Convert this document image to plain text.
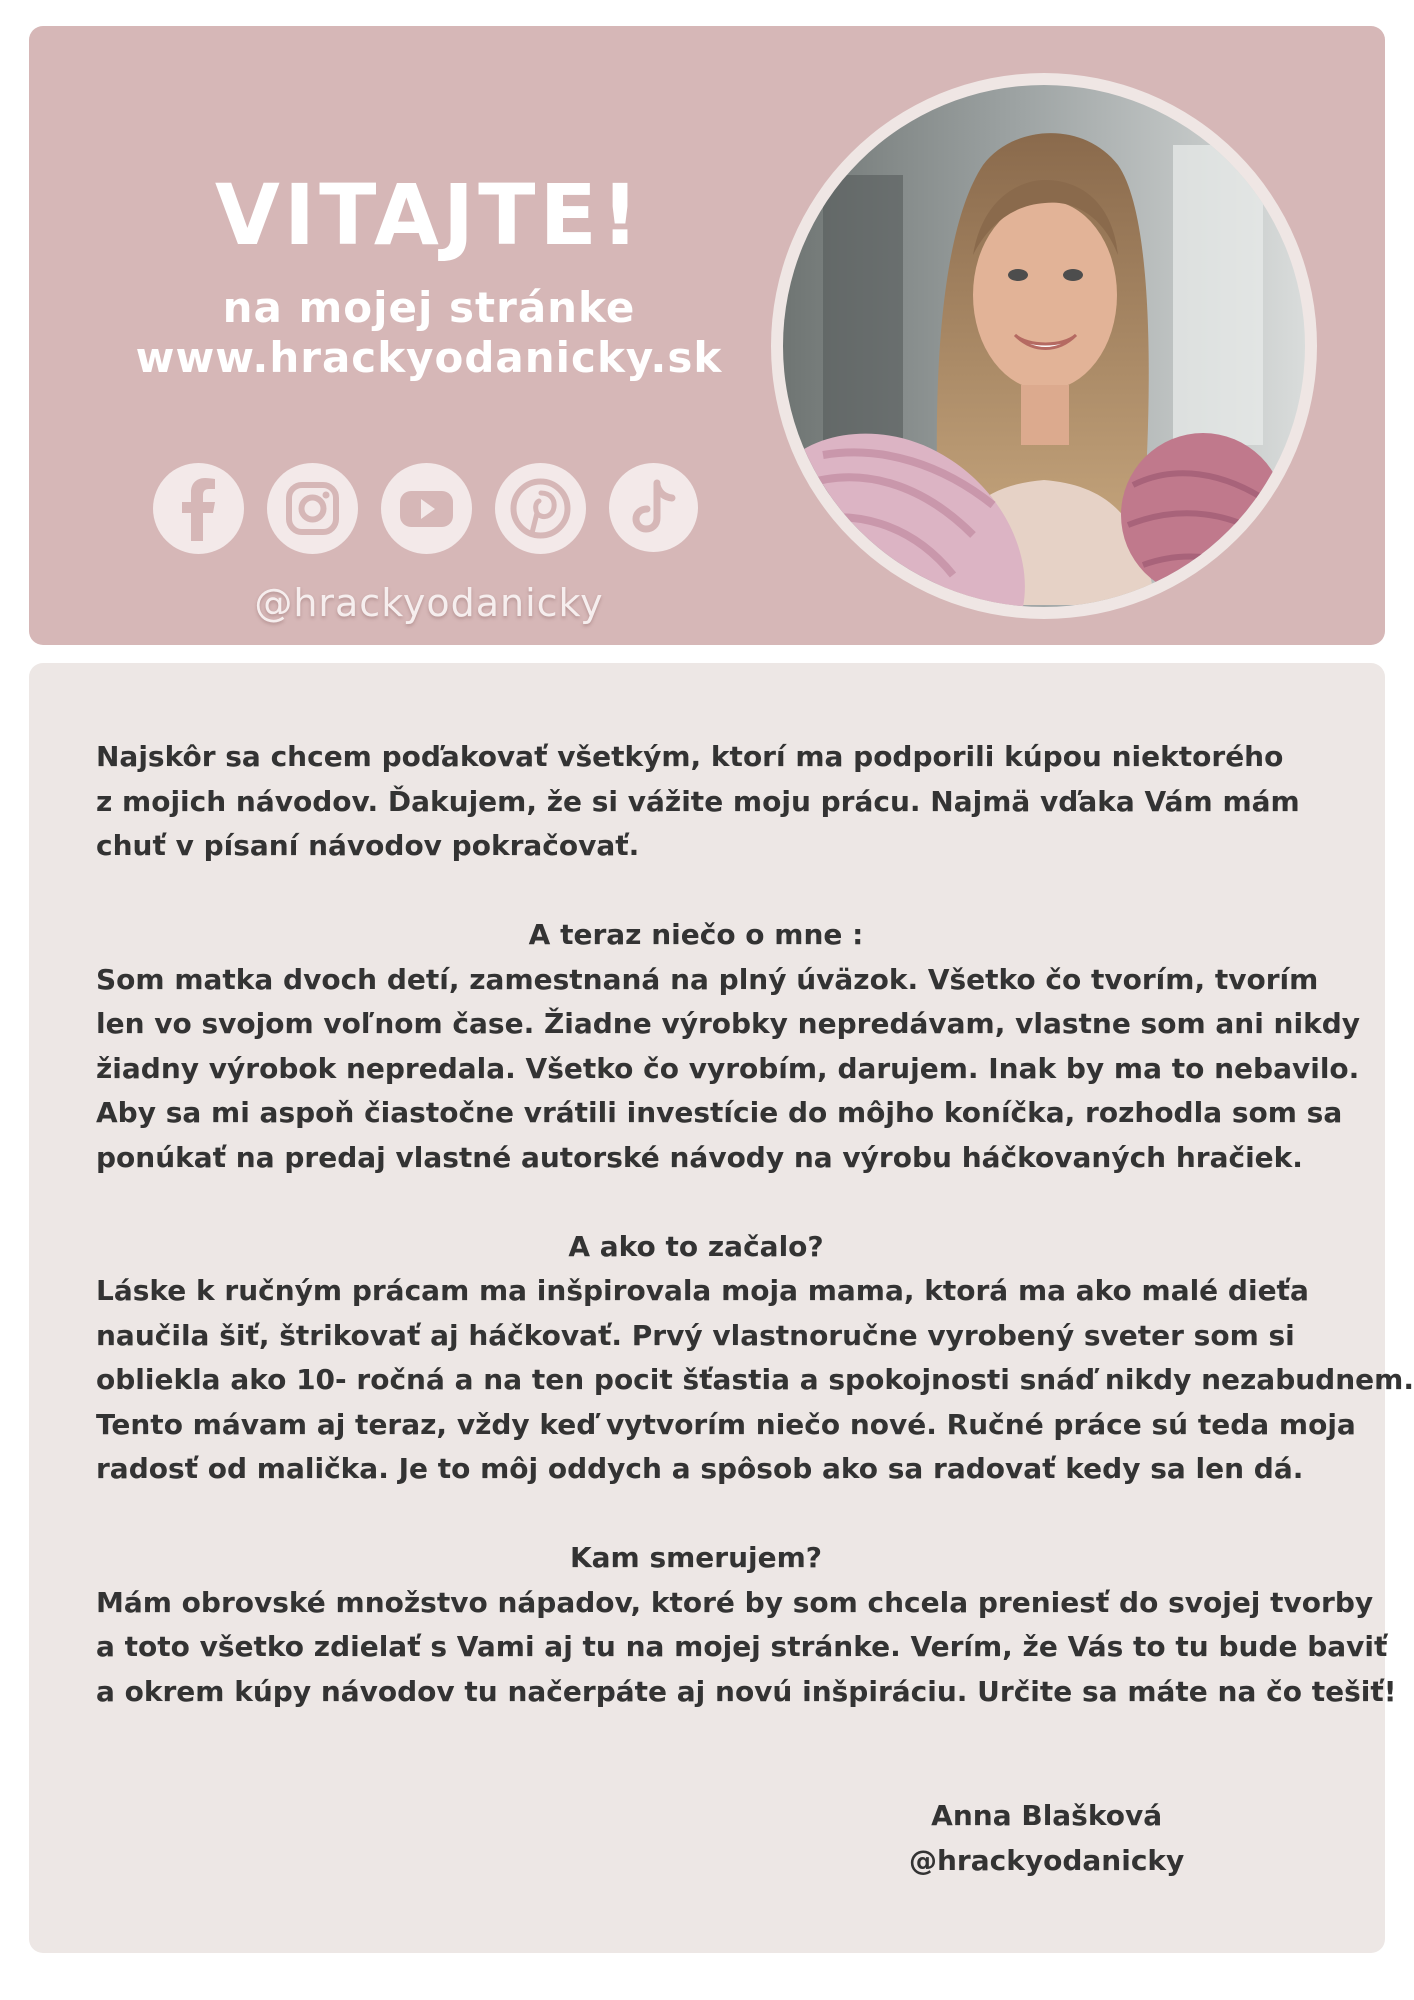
VITAJTE!
na mojej stránke
www.hrackyodanicky.sk
@hrackyodanicky

Najskôr sa chcem poďakovať všetkým, ktorí ma podporili kúpou niektorého

z mojich návodov. Ďakujem, že si vážite moju prácu. Najmä vďaka Vám mám

chuť v písaní návodov pokračovať.

A teraz niečo o mne :

Som matka dvoch detí, zamestnaná na plný úväzok. Všetko čo tvorím, tvorím

len vo svojom voľnom čase. Žiadne výrobky nepredávam, vlastne som ani nikdy

žiadny výrobok nepredala. Všetko čo vyrobím, darujem. Inak by ma to nebavilo.

Aby sa mi aspoň čiastočne vrátili investície do môjho koníčka, rozhodla som sa

ponúkať na predaj vlastné autorské návody na výrobu háčkovaných hračiek.

A ako to začalo?

Láske k ručným prácam ma inšpirovala moja mama, ktorá ma ako malé dieťa

naučila šiť, štrikovať aj háčkovať. Prvý vlastnoručne vyrobený sveter som si

obliekla ako 10- ročná a na ten pocit šťastia a spokojnosti snáď nikdy nezabudnem.

Tento mávam aj teraz, vždy keď vytvorím niečo nové. Ručné práce sú teda moja

radosť od malička. Je to môj oddych a spôsob ako sa radovať kedy sa len dá.

Kam smerujem?

Mám obrovské množstvo nápadov, ktoré by som chcela preniesť do svojej tvorby

a toto všetko zdielať s Vami aj tu na mojej stránke. Verím, že Vás to tu bude baviť

a okrem kúpy návodov tu načerpáte aj novú inšpiráciu. Určite sa máte na čo tešiť!

Anna Blašková

@hrackyodanicky
